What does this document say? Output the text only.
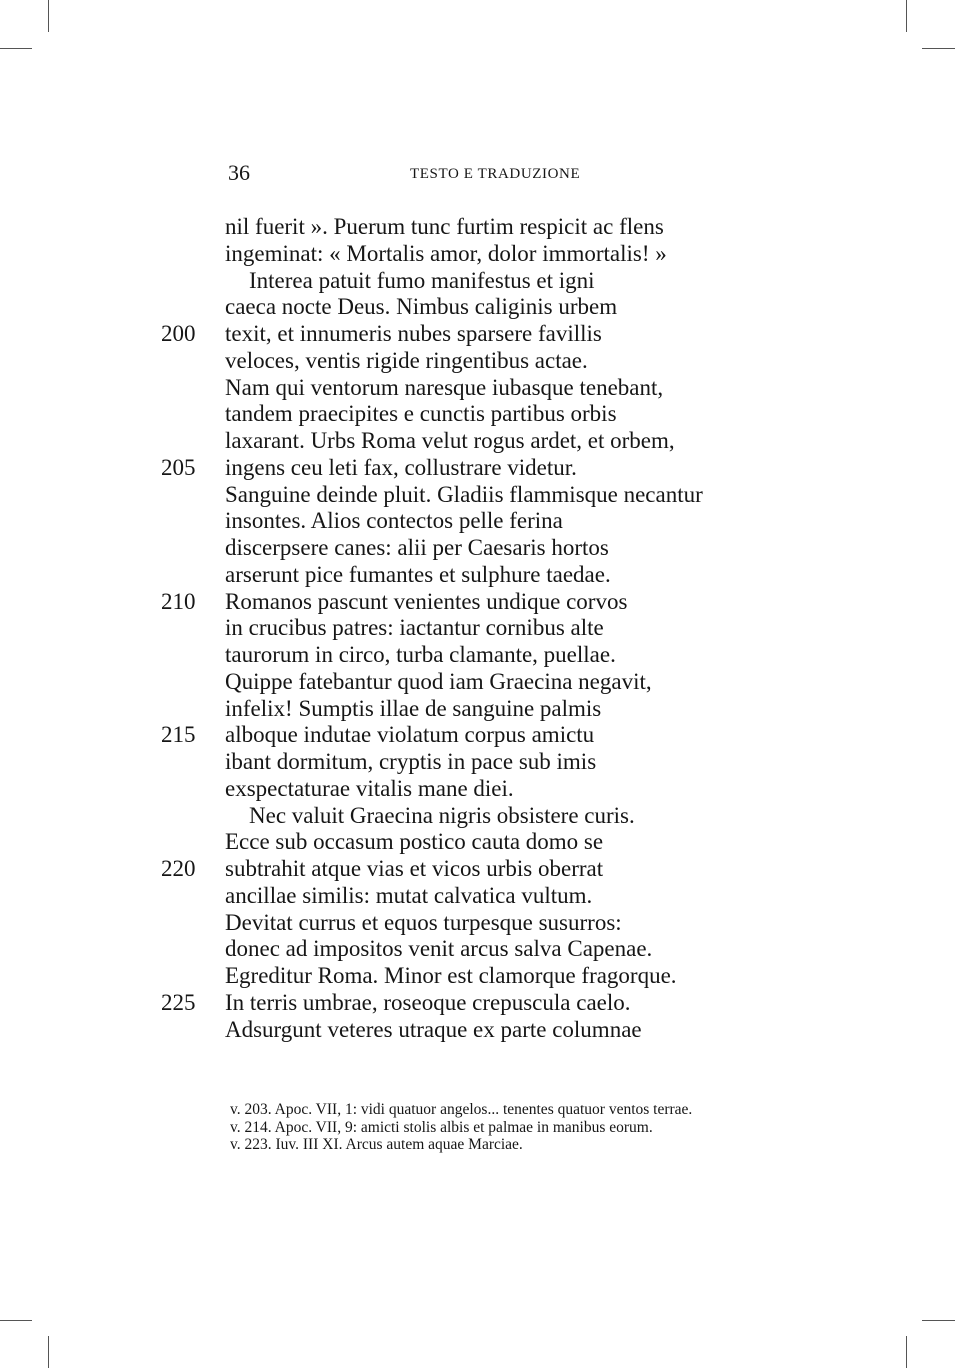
36	TESTO E TRADUZIONE
nil fuerit ». Puerum tunc furtim respicit ac flens
ingeminat: « Mortalis amor, dolor immortalis! »
Interea patuit fumo manifestus et igni
caeca nocte Deus. Nimbus caliginis urbem
200 texit, et innumeris nubes sparsere favillis
veloces, ventis rigide ringentibus actae.
Nam qui ventorum naresque iubasque tenebant,
tandem praecipites e cunctis partibus orbis
laxarant. Urbs Roma velut rogus ardet, et orbem,
205 ingens ceu leti fax, collustrare videtur.
Sanguine deinde pluit. Gladiis flammisque necantur
insontes. Alios contectos pelle ferina
discerpsere canes: alii per Caesaris hortos
arserunt pice fumantes et sulphure taedae.
210 Romanos pascunt venientes undique corvos
in crucibus patres: iactantur cornibus alte
taurorum in circo, turba clamante, puellae.
Quippe fatebantur quod iam Graecina negavit,
infelix! Sumptis illae de sanguine palmis
215 alboque indutae violatum corpus amictu
ibant dormitum, cryptis in pace sub imis
exspectaturae vitalis mane diei.
Nec valuit Graecina nigris obsistere curis.
Ecce sub occasum postico cauta domo se
220 subtrahit atque vias et vicos urbis oberrat
ancillae similis: mutat calvatica vultum.
Devitat currus et equos turpesque susurros:
donec ad impositos venit arcus salva Capenae.
Egreditur Roma. Minor est clamorque fragorque.
225 In terris umbrae, roseoque crepuscula caelo.
Adsurgunt veteres utraque ex parte columnae
v. 203. Apoc. VII, 1: vidi quatuor angelos... tenentes quatuor ventos terrae.
v. 214. Apoc. VII, 9: amicti stolis albis et palmae in manibus eorum.
v. 223. Iuv. III XI. Arcus autem aquae Marciae.
